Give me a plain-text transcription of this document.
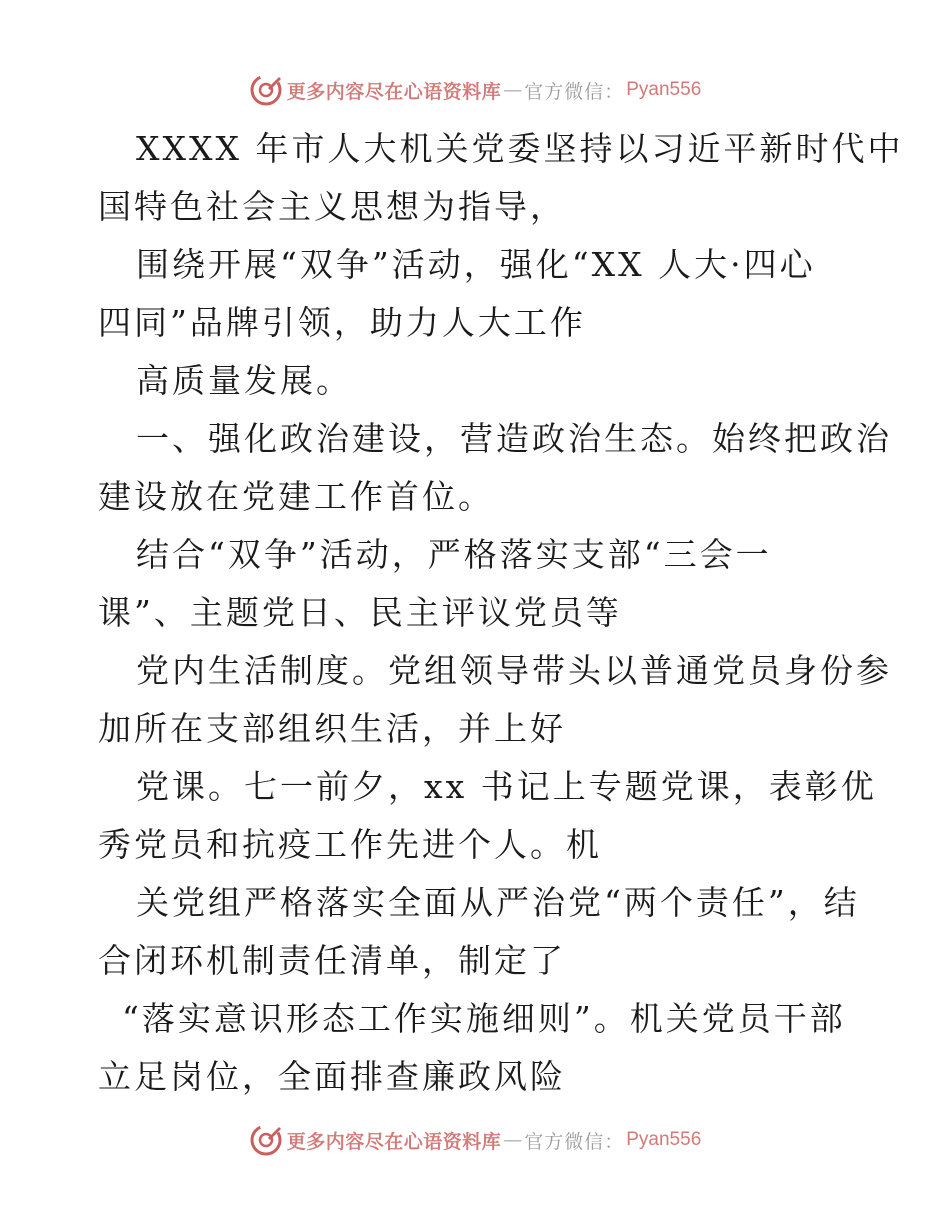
更多内容尽在心语资料库 — 官方微信： Pyan556
XXXX 年市人大机关党委坚持以习近平新时代中
国特色社会主义思想为指导，
围绕开展“双争”活动，强化“XX 人大·四心
四同”品牌引领，助力人大工作
高质量发展。
一、强化政治建设，营造政治生态。始终把政治
建设放在党建工作首位。
结合“双争”活动，严格落实支部“三会一
课”、主题党日、民主评议党员等
党内生活制度。党组领导带头以普通党员身份参
加所在支部组织生活，并上好
党课。七一前夕，xx 书记上专题党课，表彰优
秀党员和抗疫工作先进个人。机
关党组严格落实全面从严治党“两个责任”，结
合闭环机制责任清单，制定了
“落实意识形态工作实施细则”。机关党员干部
立足岗位，全面排查廉政风险
更多内容尽在心语资料库 — 官方微信： Pyan556
